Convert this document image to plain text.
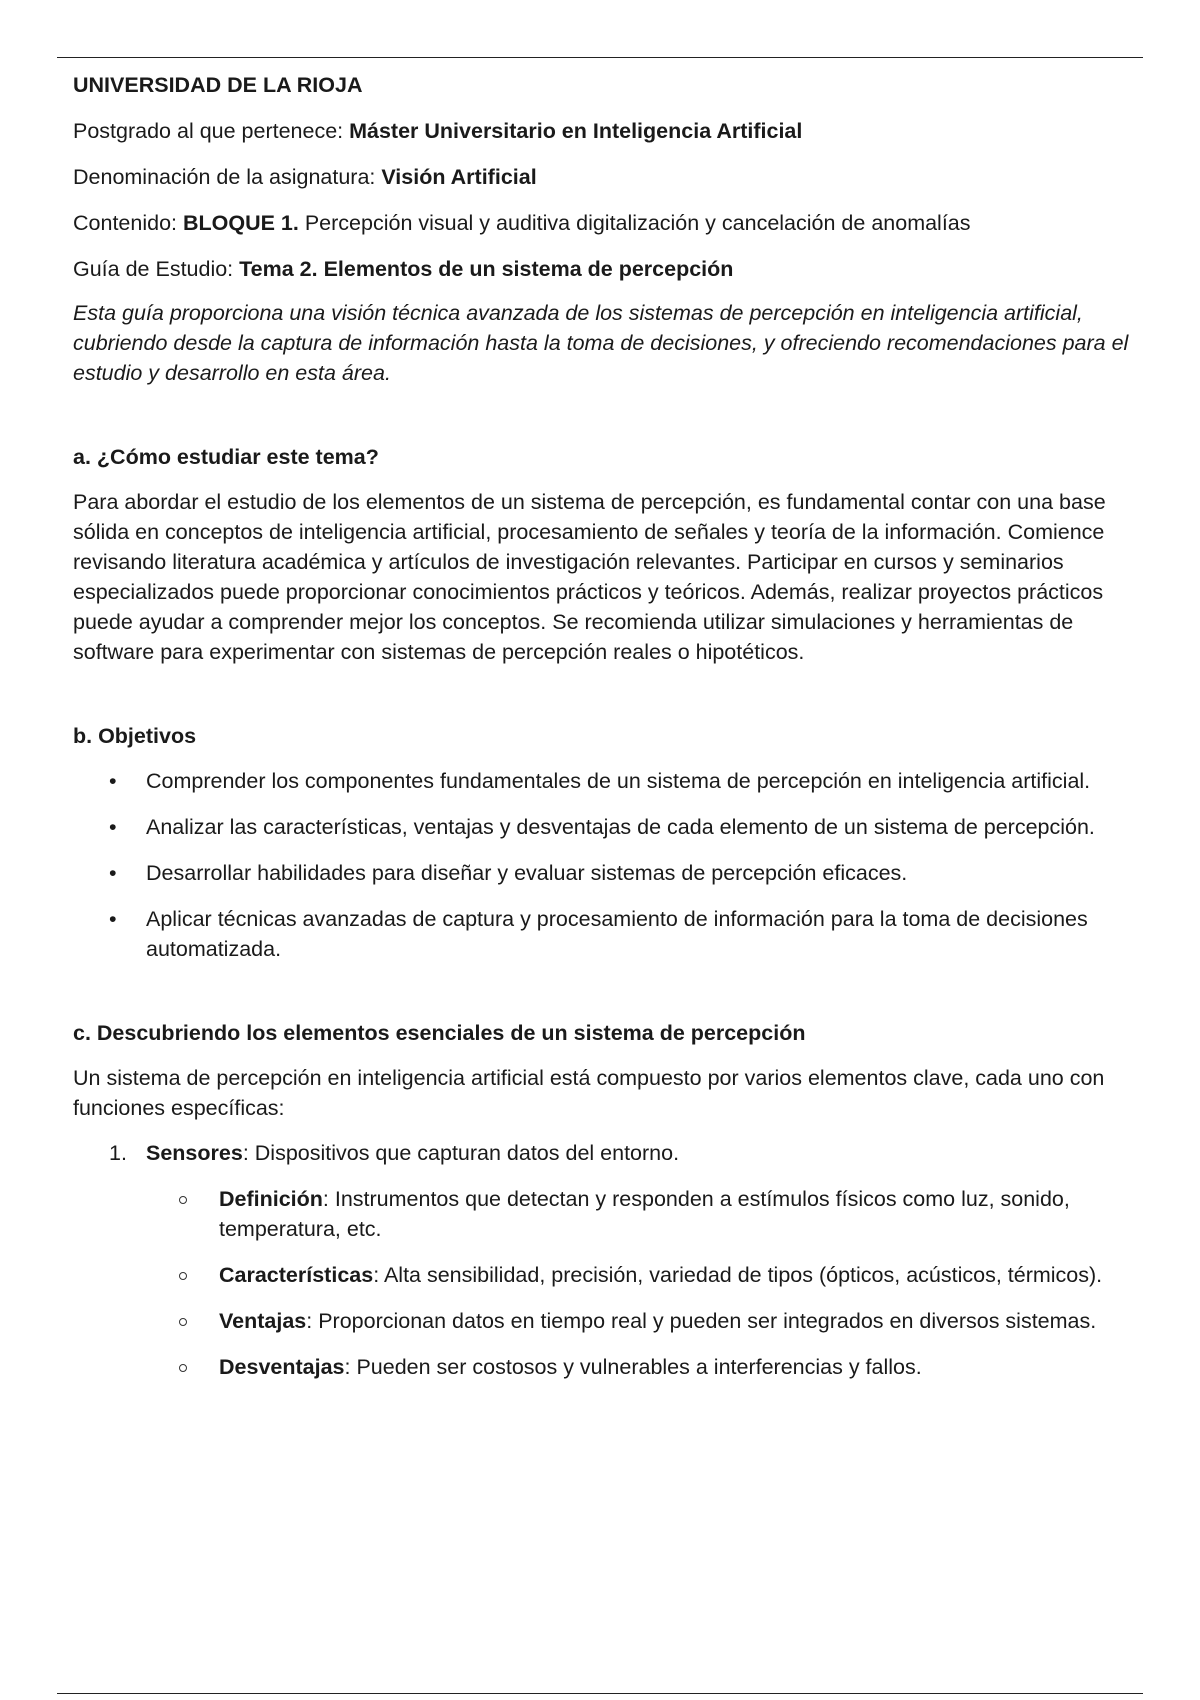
UNIVERSIDAD DE LA RIOJA

Postgrado al que pertenece: Máster Universitario en Inteligencia Artificial

Denominación de la asignatura: Visión Artificial

Contenido: BLOQUE 1. Percepción visual y auditiva digitalización y cancelación de anomalías

Guía de Estudio: Tema 2. Elementos de un sistema de percepción

Esta guía proporciona una visión técnica avanzada de los sistemas de percepción en inteligencia artificial, cubriendo desde la captura de información hasta la toma de decisiones, y ofreciendo recomendaciones para el estudio y desarrollo en esta área.

a. ¿Cómo estudiar este tema?

Para abordar el estudio de los elementos de un sistema de percepción, es fundamental contar con una base sólida en conceptos de inteligencia artificial, procesamiento de señales y teoría de la información. Comience revisando literatura académica y artículos de investigación relevantes. Participar en cursos y seminarios especializados puede proporcionar conocimientos prácticos y teóricos. Además, realizar proyectos prácticos puede ayudar a comprender mejor los conceptos. Se recomienda utilizar simulaciones y herramientas de software para experimentar con sistemas de percepción reales o hipotéticos.

b. Objetivos
• Comprender los componentes fundamentales de un sistema de percepción en inteligencia artificial.
• Analizar las características, ventajas y desventajas de cada elemento de un sistema de percepción.
• Desarrollar habilidades para diseñar y evaluar sistemas de percepción eficaces.
• Aplicar técnicas avanzadas de captura y procesamiento de información para la toma de decisiones automatizada.
c. Descubriendo los elementos esenciales de un sistema de percepción

Un sistema de percepción en inteligencia artificial está compuesto por varios elementos clave, cada uno con funciones específicas:

1. Sensores: Dispositivos que capturan datos del entorno.
Definición: Instrumentos que detectan y responden a estímulos físicos como luz, sonido, temperatura, etc.
Características: Alta sensibilidad, precisión, variedad de tipos (ópticos, acústicos, térmicos).
Ventajas: Proporcionan datos en tiempo real y pueden ser integrados en diversos sistemas.
Desventajas: Pueden ser costosos y vulnerables a interferencias y fallos.
